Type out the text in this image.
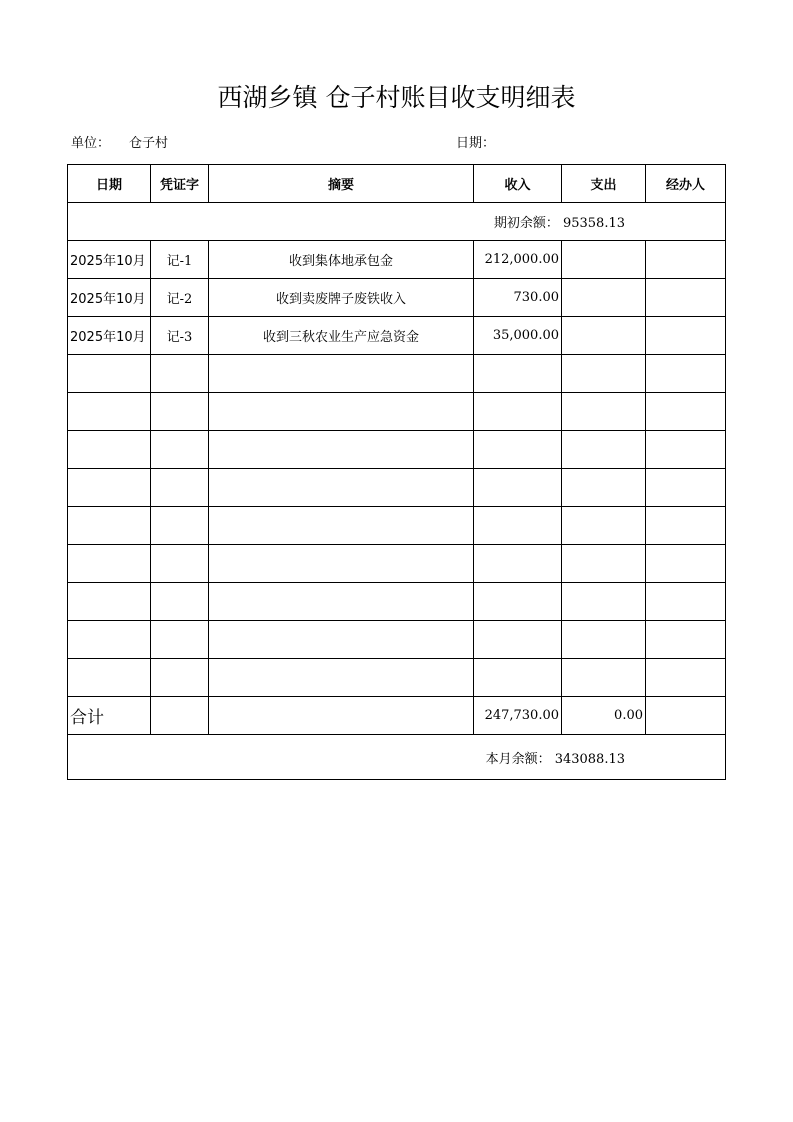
西湖乡镇 仓子村账目收支明细表
单位： 仓子村	日期：
日期	凭证字	摘要	收入	支出	经办人
期初余额： 95358.13					
2025年10月	记-1	收到集体地承包金	212,000.00		
2025年10月	记-2	收到卖废牌子废铁收入	730.00		
2025年10月	记-3	收到三秋农业生产应急资金	35,000.00		

合计			247,730.00	0.00	
本月余额： 343088.13					
